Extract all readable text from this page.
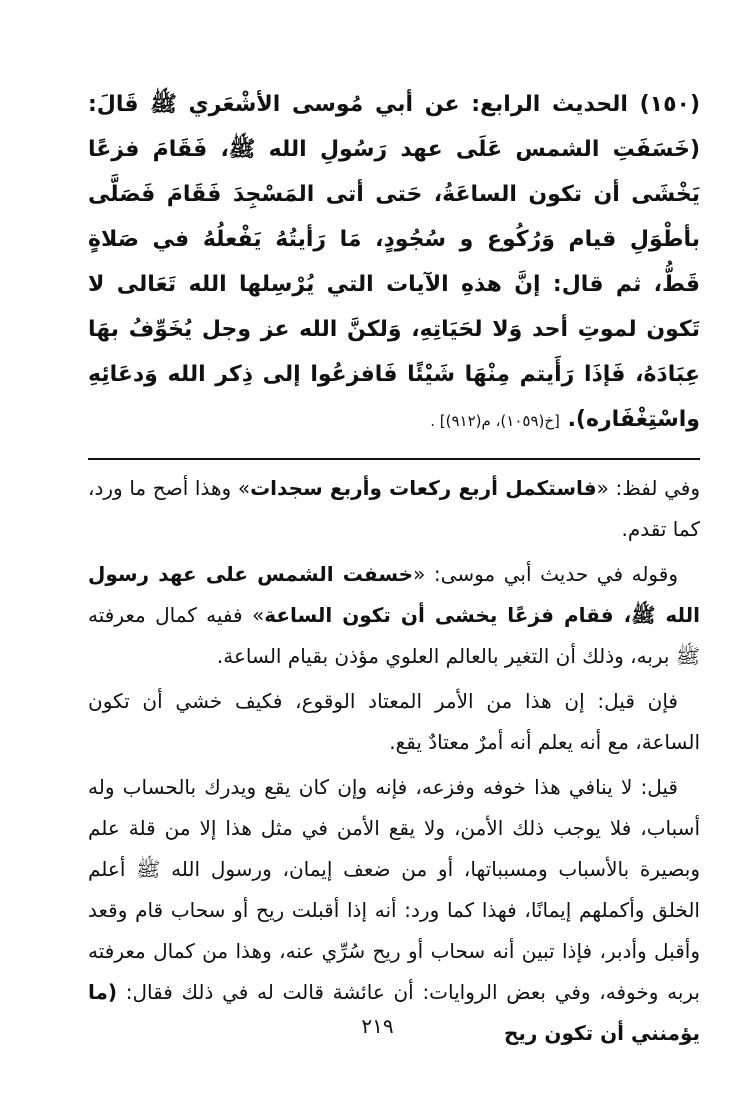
(١٥٠) الحديث الرابع: عن أبي مُوسى الأشْعَري ﷺ قَالَ: (خَسَفَتِ الشمس عَلَى عهد رَسُولِ الله ﷺ، فَقَامَ فزعًا يَخْشَى أن تكون الساعَةُ، حَتى أتى المَسْجِدَ فَقَامَ فَصَلَّى بأطْوَلِ قيام وَرُكُوع و سُجُودٍ، مَا رَأيتُهُ يَفْعلُهُ في صَلاةٍ قَطُّ، ثم قال: إنَّ هذهِ الآيات التي يُرْسِلها الله تَعَالى لا تَكون لموتِ أحد وَلا لحَيَاتِهِ، وَلكنَّ الله عز وجل يُخَوِّفُ بهَا عِبَادَهُ، فَإذَا رَأَيتم مِنْهَا شَيْئًا فَافزعُوا إلى ذِكر الله وَدعَائِهِ واسْتِغْفَاره). [خ(١٠٥٩)، م(٩١٢)] .

وفي لفظ: «فاستكمل أربع ركعات وأربع سجدات» وهذا أصح ما ورد، كما تقدم.

وقوله في حديث أبي موسى: «خسفت الشمس على عهد رسول الله ﷺ، فقام فزعًا يخشى أن تكون الساعة» ففيه كمال معرفته ﷺ بربه، وذلك أن التغير بالعالم العلوي مؤذن بقيام الساعة.

فإن قيل: إن هذا من الأمر المعتاد الوقوع، فكيف خشي أن تكون الساعة، مع أنه يعلم أنه أمرٌ معتادٌ يقع.

قيل: لا ينافي هذا خوفه وفزعه، فإنه وإن كان يقع ويدرك بالحساب وله أسباب، فلا يوجب ذلك الأمن، ولا يقع الأمن في مثل هذا إلا من قلة علم وبصيرة بالأسباب ومسبباتها، أو من ضعف إيمان، ورسول الله ﷺ أعلم الخلق وأكملهم إيمانًا، فهذا كما ورد: أنه إذا أقبلت ريح أو سحاب قام وقعد وأقبل وأدبر، فإذا تبين أنه سحاب أو ريح سُرِّي عنه، وهذا من كمال معرفته بربه وخوفه، وفي بعض الروايات: أن عائشة قالت له في ذلك فقال: (ما يؤمنني أن تكون ريح

٢١٩
